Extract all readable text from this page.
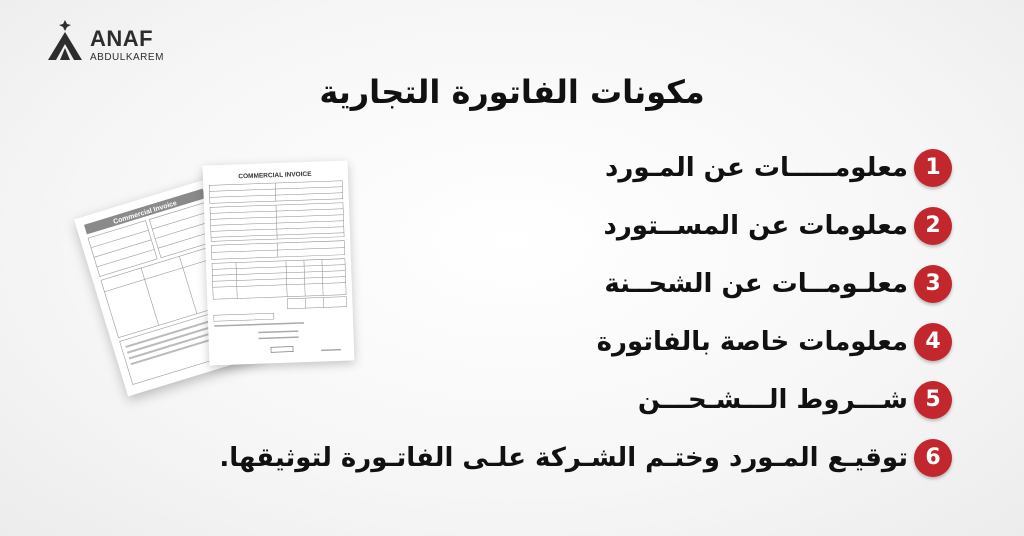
ANAF
ABDULKAREM
مكونات الفاتورة التجارية
Commercial Invoice
COMMERCIAL INVOICE	1
معلومـــــات عن المـورد
2
معلومات عن المســتورد
3
معلـومــات عن الشحــنة
4
معلومات خاصة بالفاتورة
5
شـــروط الـــشـحـــن
6
توقيـع المـورد وختـم الشـركة علـى الفاتـورة لتوثيقها.
